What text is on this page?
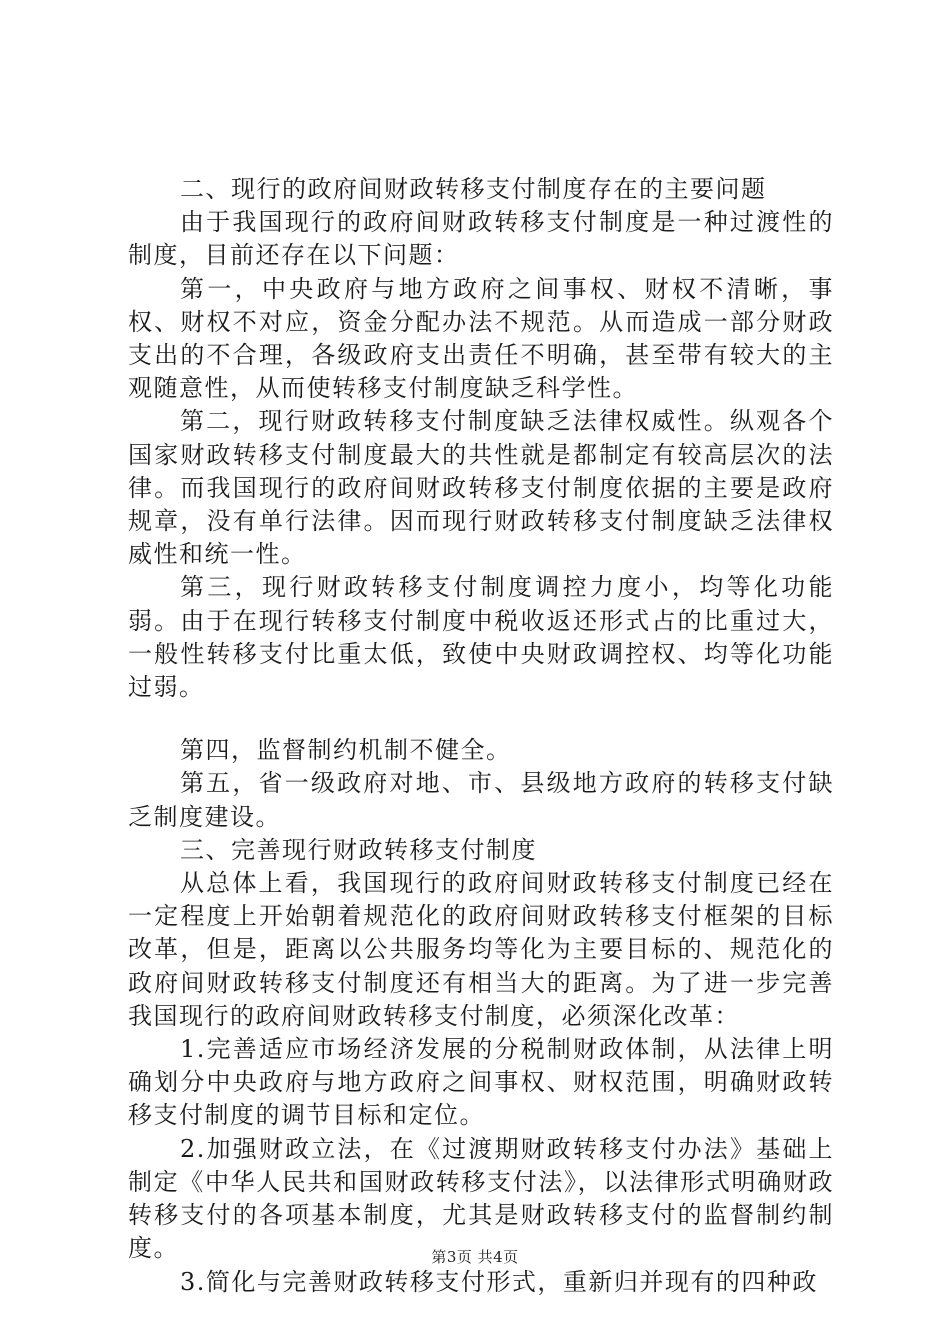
二、现行的政府间财政转移支付制度存在的主要问题

由于我国现行的政府间财政转移支付制度是一种过渡性的制度，目前还存在以下问题：

第一，中央政府与地方政府之间事权、财权不清晰，事权、财权不对应，资金分配办法不规范。从而造成一部分财政支出的不合理，各级政府支出责任不明确，甚至带有较大的主观随意性，从而使转移支付制度缺乏科学性。

第二，现行财政转移支付制度缺乏法律权威性。纵观各个国家财政转移支付制度最大的共性就是都制定有较高层次的法律。而我国现行的政府间财政转移支付制度依据的主要是政府规章，没有单行法律。因而现行财政转移支付制度缺乏法律权威性和统一性。

第三，现行财政转移支付制度调控力度小，均等化功能弱。由于在现行转移支付制度中税收返还形式占的比重过大，一般性转移支付比重太低，致使中央财政调控权、均等化功能过弱。

第四，监督制约机制不健全。

第五，省一级政府对地、市、县级地方政府的转移支付缺乏制度建设。

三、完善现行财政转移支付制度

从总体上看，我国现行的政府间财政转移支付制度已经在一定程度上开始朝着规范化的政府间财政转移支付框架的目标改革，但是，距离以公共服务均等化为主要目标的、规范化的政府间财政转移支付制度还有相当大的距离。为了进一步完善我国现行的政府间财政转移支付制度，必须深化改革：

1.完善适应市场经济发展的分税制财政体制，从法律上明确划分中央政府与地方政府之间事权、财权范围，明确财政转移支付制度的调节目标和定位。

2.加强财政立法，在《过渡期财政转移支付办法》基础上制定《中华人民共和国财政转移支付法》，以法律形式明确财政转移支付的各项基本制度，尤其是财政转移支付的监督制约制度。

3.简化与完善财政转移支付形式，重新归并现有的四种政

第3页 共4页
